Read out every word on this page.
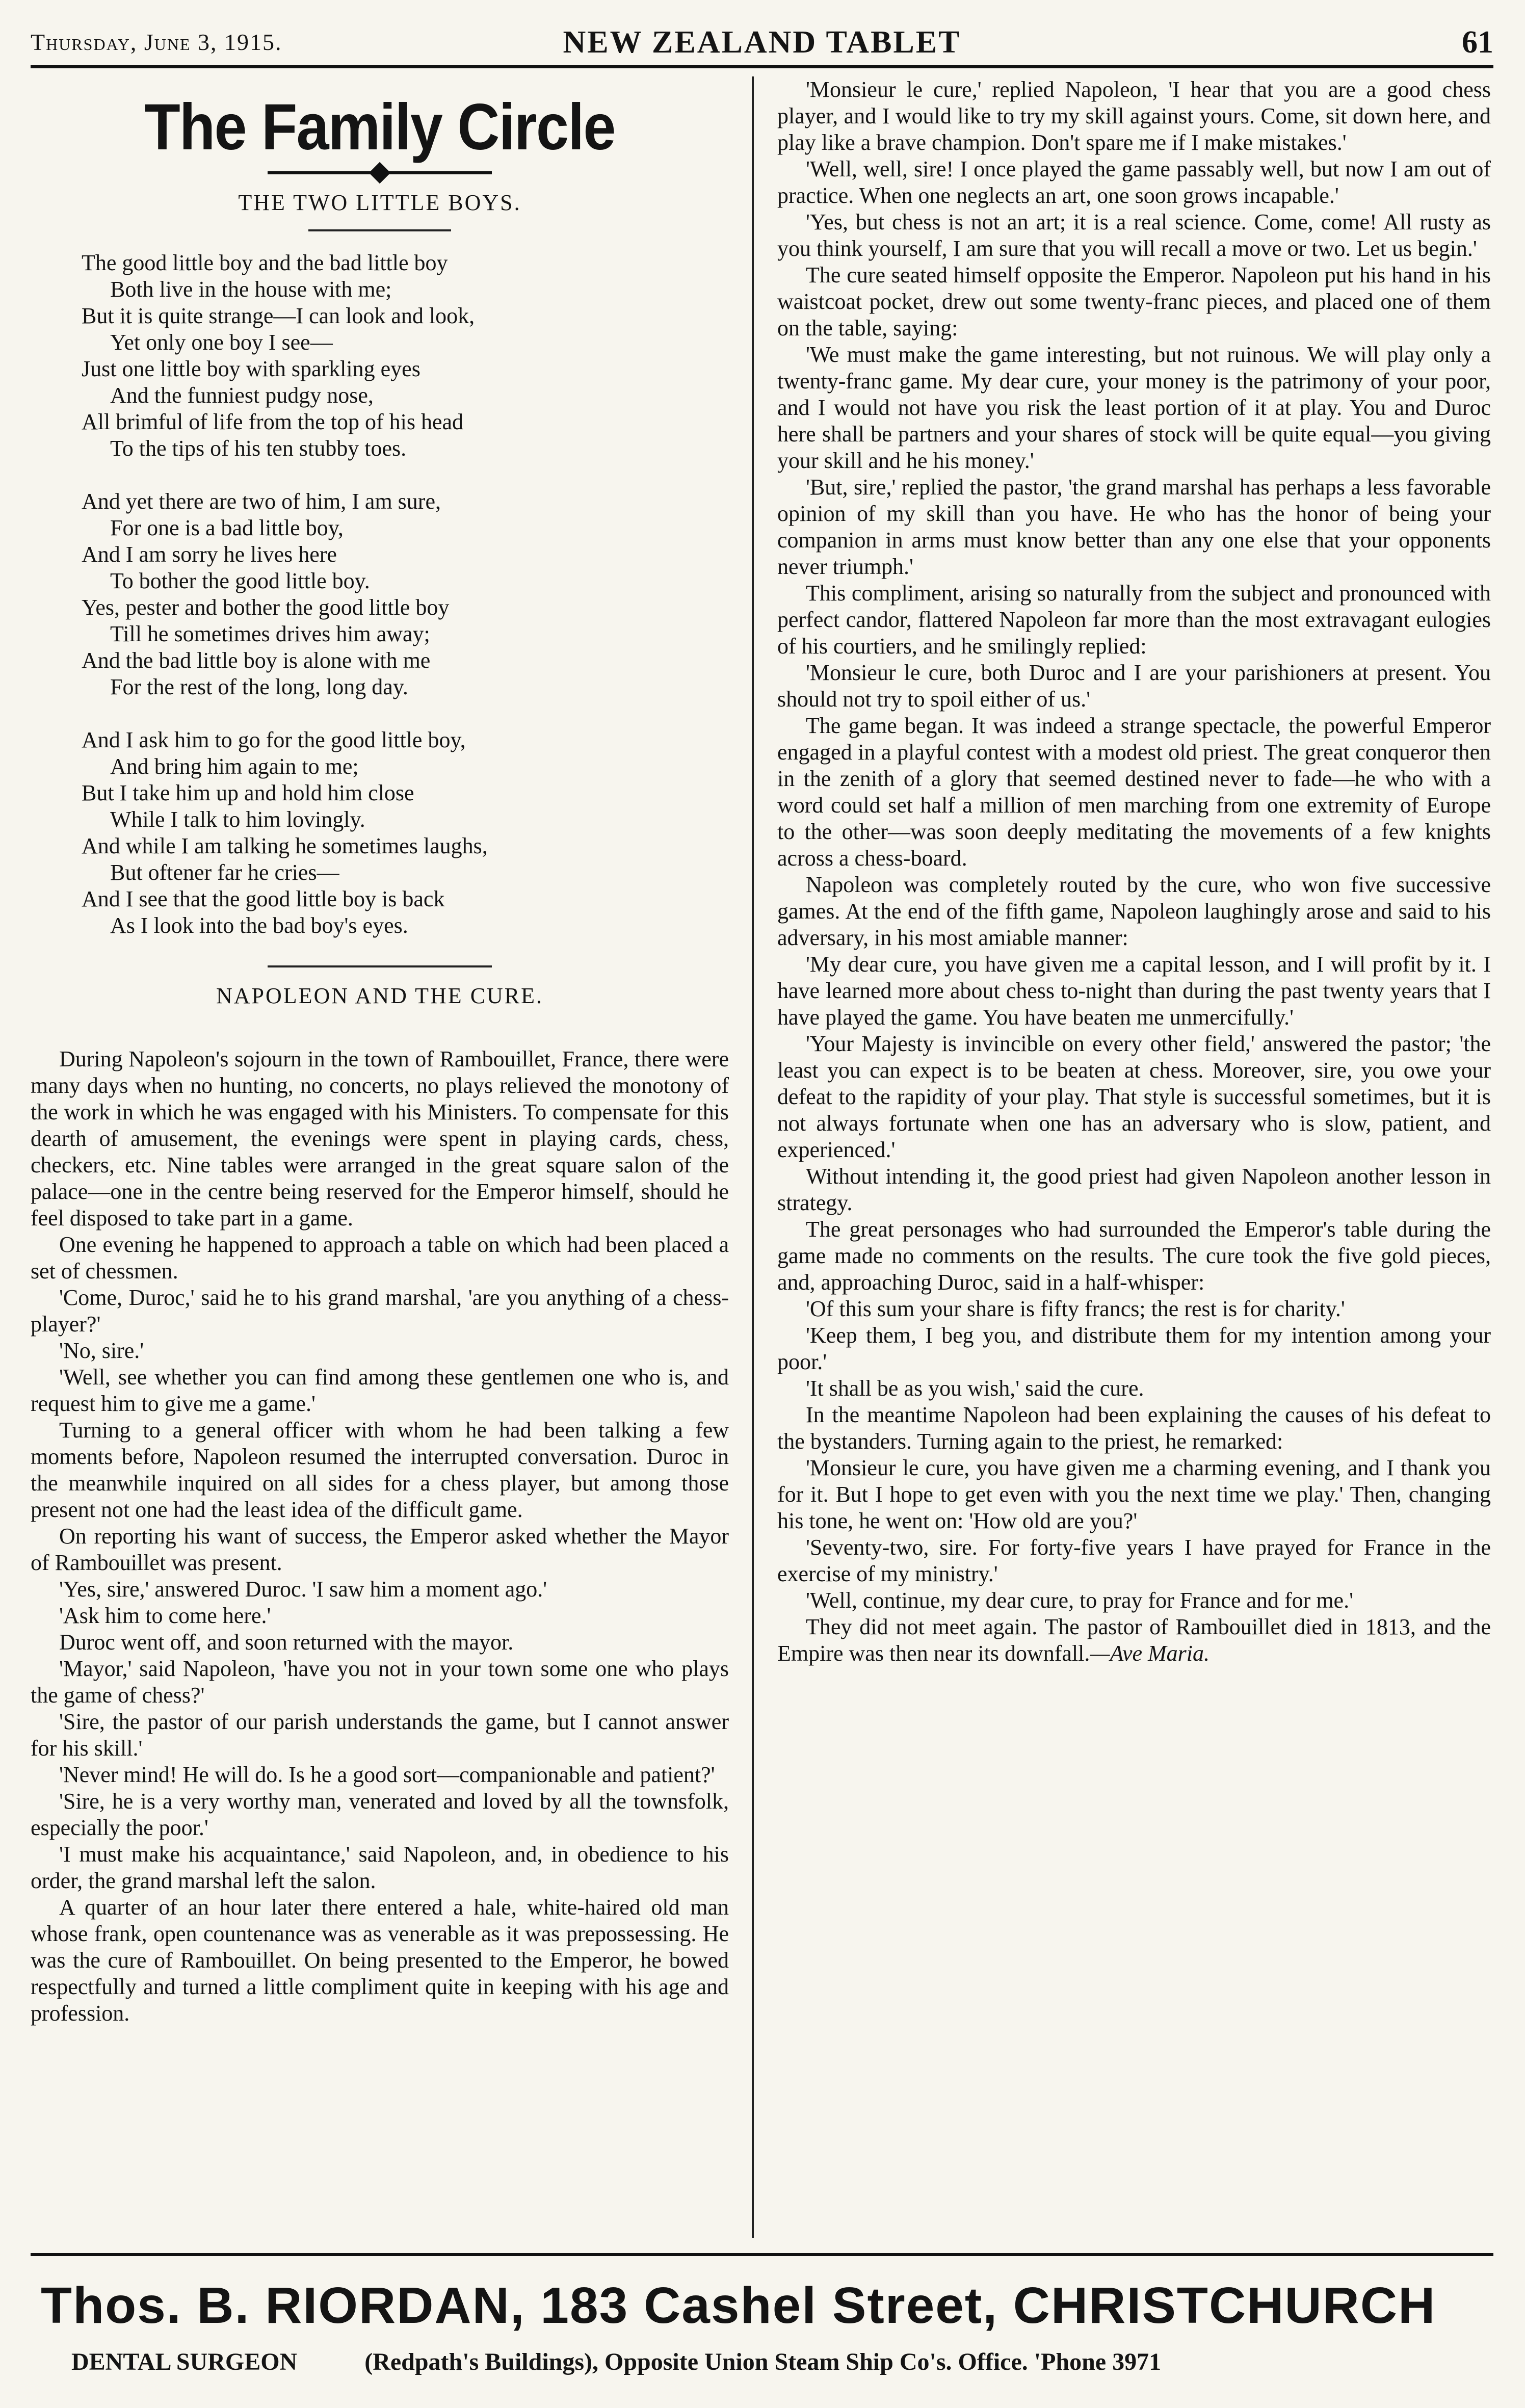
Thursday, June 3, 1915.	NEW ZEALAND TABLET	61
The Family Circle
THE TWO LITTLE BOYS.
The good little boy and the bad little boy
Both live in the house with me;
But it is quite strange—I can look and look,
Yet only one boy I see—
Just one little boy with sparkling eyes
And the funniest pudgy nose,
All brimful of life from the top of his head
To the tips of his ten stubby toes.
And yet there are two of him, I am sure,
For one is a bad little boy,
And I am sorry he lives here
To bother the good little boy.
Yes, pester and bother the good little boy
Till he sometimes drives him away;
And the bad little boy is alone with me
For the rest of the long, long day.
And I ask him to go for the good little boy,
And bring him again to me;
But I take him up and hold him close
While I talk to him lovingly.
And while I am talking he sometimes laughs,
But oftener far he cries—
And I see that the good little boy is back
As I look into the bad boy's eyes.
NAPOLEON AND THE CURE.

During Napoleon's sojourn in the town of Rambouillet, France, there were many days when no hunting, no concerts, no plays relieved the monotony of the work in which he was engaged with his Ministers. To compensate for this dearth of amusement, the evenings were spent in playing cards, chess, checkers, etc. Nine tables were arranged in the great square salon of the palace—one in the centre being reserved for the Emperor himself, should he feel disposed to take part in a game.

One evening he happened to approach a table on which had been placed a set of chessmen.

'Come, Duroc,' said he to his grand marshal, 'are you anything of a chess-player?'

'No, sire.'

'Well, see whether you can find among these gentlemen one who is, and request him to give me a game.'

Turning to a general officer with whom he had been talking a few moments before, Napoleon resumed the interrupted conversation. Duroc in the meanwhile inquired on all sides for a chess player, but among those present not one had the least idea of the difficult game.

On reporting his want of success, the Emperor asked whether the Mayor of Rambouillet was present.

'Yes, sire,' answered Duroc. 'I saw him a moment ago.'

'Ask him to come here.'

Duroc went off, and soon returned with the mayor.

'Mayor,' said Napoleon, 'have you not in your town some one who plays the game of chess?'

'Sire, the pastor of our parish understands the game, but I cannot answer for his skill.'

'Never mind! He will do. Is he a good sort—companionable and patient?'

'Sire, he is a very worthy man, venerated and loved by all the townsfolk, especially the poor.'

'I must make his acquaintance,' said Napoleon, and, in obedience to his order, the grand marshal left the salon.

A quarter of an hour later there entered a hale, white-haired old man whose frank, open countenance was as venerable as it was prepossessing. He was the cure of Rambouillet. On being presented to the Emperor, he bowed respectfully and turned a little compliment quite in keeping with his age and profession.

'Monsieur le cure,' replied Napoleon, 'I hear that you are a good chess player, and I would like to try my skill against yours. Come, sit down here, and play like a brave champion. Don't spare me if I make mistakes.'

'Well, well, sire! I once played the game passably well, but now I am out of practice. When one neglects an art, one soon grows incapable.'

'Yes, but chess is not an art; it is a real science. Come, come! All rusty as you think yourself, I am sure that you will recall a move or two. Let us begin.'

The cure seated himself opposite the Emperor. Napoleon put his hand in his waistcoat pocket, drew out some twenty-franc pieces, and placed one of them on the table, saying:

'We must make the game interesting, but not ruinous. We will play only a twenty-franc game. My dear cure, your money is the patrimony of your poor, and I would not have you risk the least portion of it at play. You and Duroc here shall be partners and your shares of stock will be quite equal—you giving your skill and he his money.'

'But, sire,' replied the pastor, 'the grand marshal has perhaps a less favorable opinion of my skill than you have. He who has the honor of being your companion in arms must know better than any one else that your opponents never triumph.'

This compliment, arising so naturally from the subject and pronounced with perfect candor, flattered Napoleon far more than the most extravagant eulogies of his courtiers, and he smilingly replied:

'Monsieur le cure, both Duroc and I are your parishioners at present. You should not try to spoil either of us.'

The game began. It was indeed a strange spectacle, the powerful Emperor engaged in a playful contest with a modest old priest. The great conqueror then in the zenith of a glory that seemed destined never to fade—he who with a word could set half a million of men marching from one extremity of Europe to the other—was soon deeply meditating the movements of a few knights across a chess-board.

Napoleon was completely routed by the cure, who won five successive games. At the end of the fifth game, Napoleon laughingly arose and said to his adversary, in his most amiable manner:

'My dear cure, you have given me a capital lesson, and I will profit by it. I have learned more about chess to-night than during the past twenty years that I have played the game. You have beaten me unmercifully.'

'Your Majesty is invincible on every other field,' answered the pastor; 'the least you can expect is to be beaten at chess. Moreover, sire, you owe your defeat to the rapidity of your play. That style is successful sometimes, but it is not always fortunate when one has an adversary who is slow, patient, and experienced.'

Without intending it, the good priest had given Napoleon another lesson in strategy.

The great personages who had surrounded the Emperor's table during the game made no comments on the results. The cure took the five gold pieces, and, approaching Duroc, said in a half-whisper:

'Of this sum your share is fifty francs; the rest is for charity.'

'Keep them, I beg you, and distribute them for my intention among your poor.'

'It shall be as you wish,' said the cure.

In the meantime Napoleon had been explaining the causes of his defeat to the bystanders. Turning again to the priest, he remarked:

'Monsieur le cure, you have given me a charming evening, and I thank you for it. But I hope to get even with you the next time we play.' Then, changing his tone, he went on: 'How old are you?'

'Seventy-two, sire. For forty-five years I have prayed for France in the exercise of my ministry.'

'Well, continue, my dear cure, to pray for France and for me.'

They did not meet again. The pastor of Rambouillet died in 1813, and the Empire was then near its downfall.—Ave Maria.

Thos. B. RIORDAN, 183 Cashel Street, CHRISTCHURCH
DENTAL SURGEON	(Redpath's Buildings), Opposite Union Steam Ship Co's. Office. 'Phone 3971
